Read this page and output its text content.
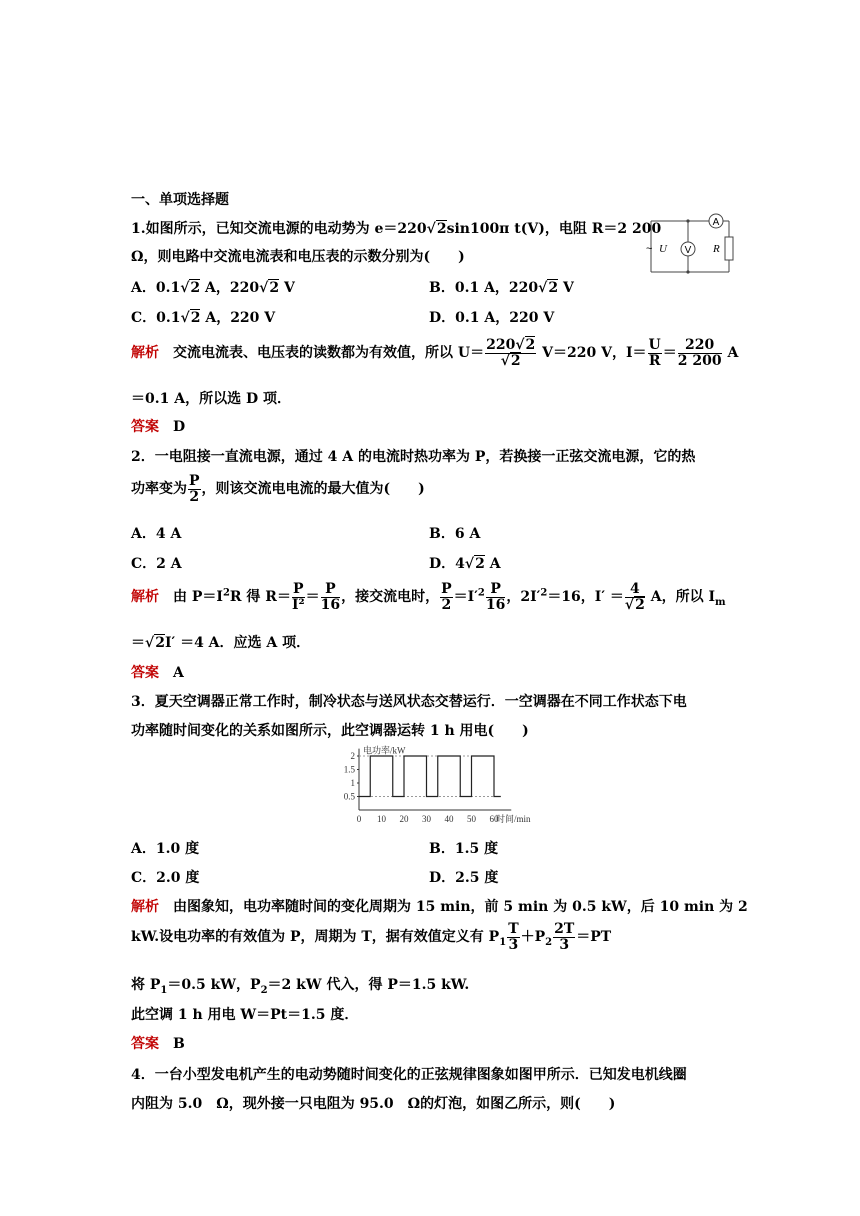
一、单项选择题
1.如图所示，已知交流电源的电动势为 e＝220√2sin100π t(V)，电阻 R＝2 200
Ω，则电路中交流电流表和电压表的示数分别为(　　)
A
V
~ U	R
A．0.1√2 A，220√2 V	B．0.1 A，220√2 V
C．0.1√2 A，220 V	D．0.1 A，220 V
解析 交流电流表、电压表的读数都为有效值，所以 $U= \frac{220√2}{√2} V=220$ V，$I= \frac{U}{R} = \frac{220}{2 200}$ A
＝0.1 A，所以选 D 项．
答案 D
2．一电阻接一直流电源，通过 4 A 的电流时热功率为 P，若换接一正弦交流电源，它的热
功率变为 $\frac{P}{2}$ ，则该交流电电流的最大值为(　　)
A．4 A	B．6 A
C．2 A	D．4√2 A
解析 由 $P=I^2R$ 得 $R= \frac{P}{\text{I²}} = \frac{P}{16}$ ，接交流电时， $\frac{P}{2} =I'^2 \frac{P}{16}$ ，$2I'^2=16$，$I' = \frac{4}{√2}$ A，所以 $I_m$
＝√2I′ ＝4 A．应选 A 项．
答案 A
3．夏天空调器正常工作时，制冷状态与送风状态交替运行．一空调器在不同工作状态下电
功率随时间变化的关系如图所示，此空调器运转 1 h 用电(　　)
0.5
1
1.5
2
0 10 20 30 40 50 60
电功率/kW
时间/min
A．1.0 度	B．1.5 度
C．2.0 度	D．2.5 度
解析 由图象知，电功率随时间的变化周期为 15 min，前 5 min 为 0.5 kW，后 10 min 为 2
kW.设电功率的有效值为 P，周期为 T，据有效值定义有 $P_1 \frac{T}{3} +P_2 \frac{2T}{3} =PT$
将 $P_1=0.5$ kW，$P_2=2$ kW 代入，得 P＝1.5 kW.
此空调 1 h 用电 W＝Pt＝1.5 度．
答案 B
4．一台小型发电机产生的电动势随时间变化的正弦规律图象如图甲所示．已知发电机线圈
内阻为 5.0　Ω，现外接一只电阻为 95.0　Ω的灯泡，如图乙所示，则(　　)
